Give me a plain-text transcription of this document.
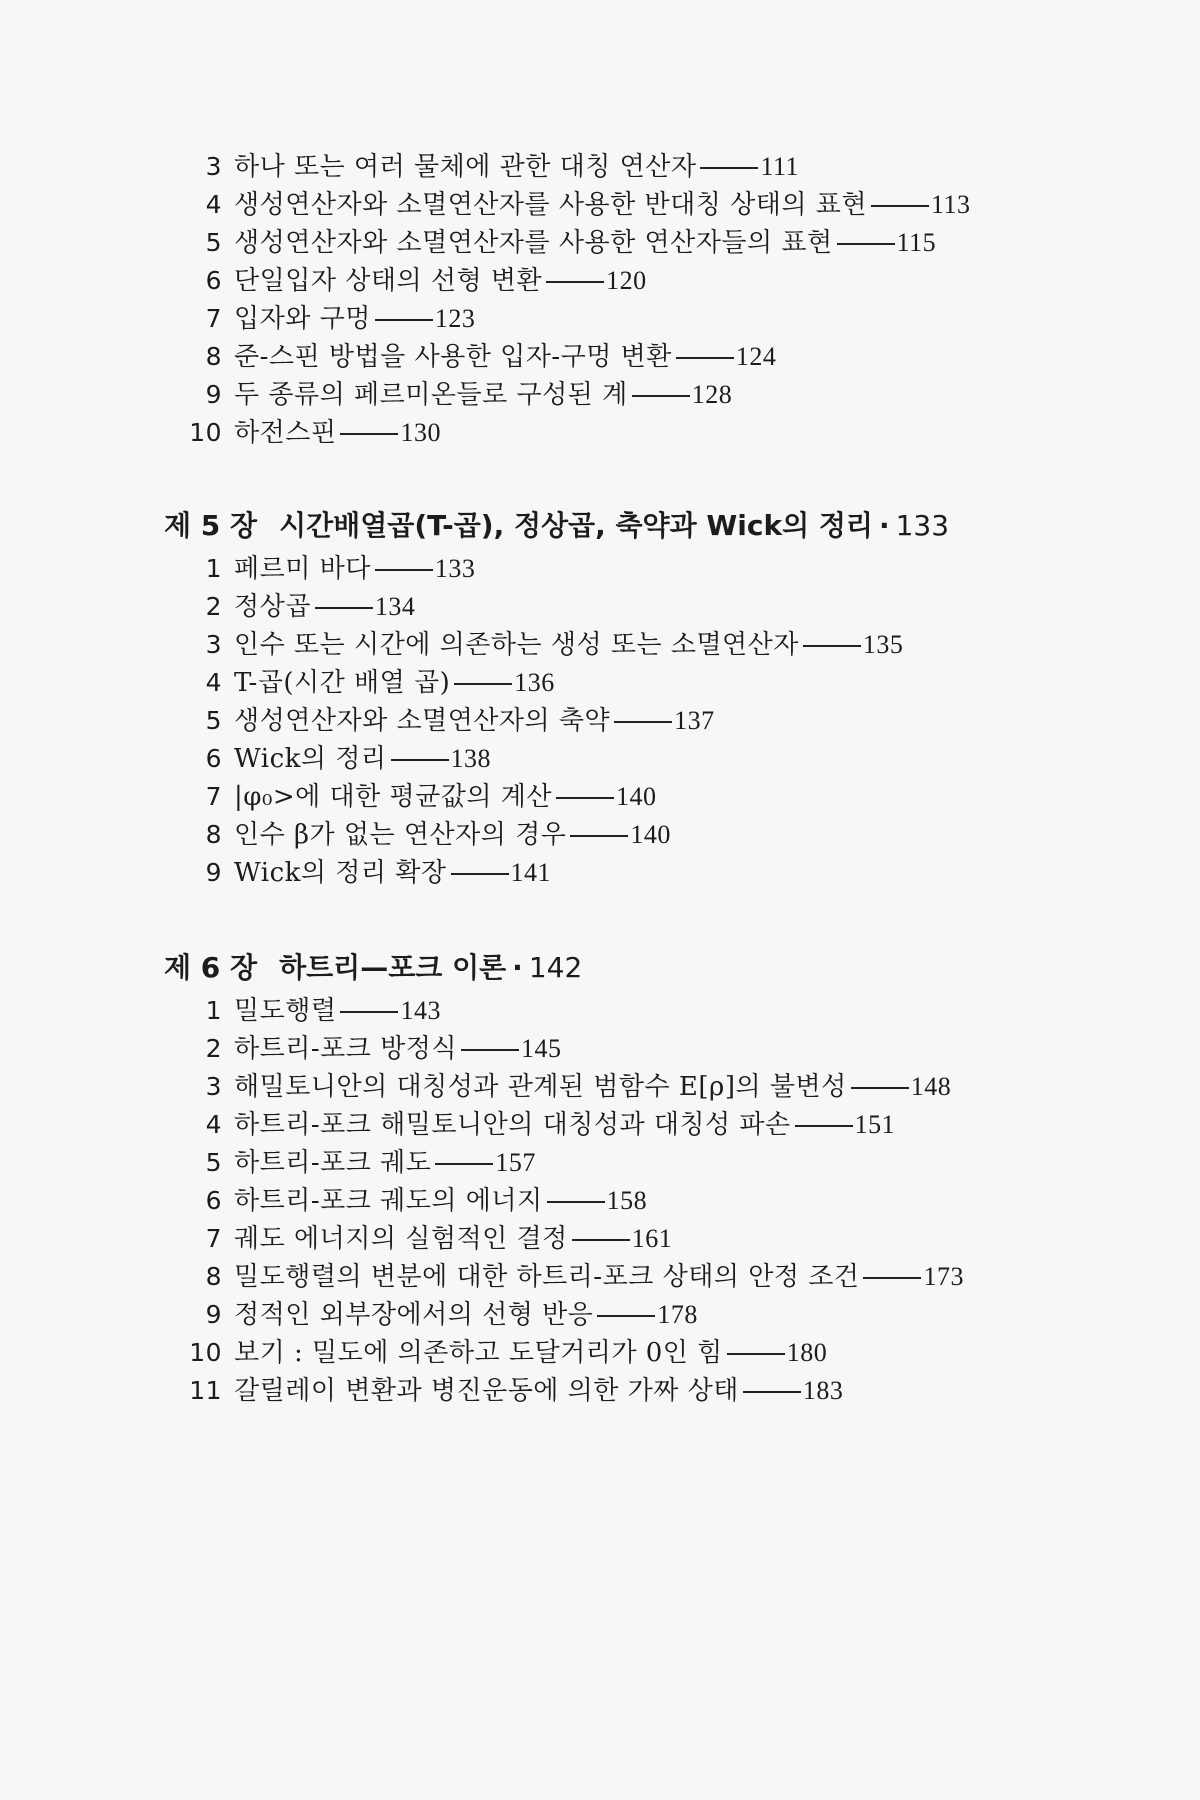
3 하나 또는 여러 물체에 관한 대칭 연산자 111
4 생성연산자와 소멸연산자를 사용한 반대칭 상태의 표현 113
5 생성연산자와 소멸연산자를 사용한 연산자들의 표현 115
6 단일입자 상태의 선형 변환 120
7 입자와 구멍 123
8 준-스핀 방법을 사용한 입자-구멍 변환 124
9 두 종류의 페르미온들로 구성된 계 128
10 하전스핀 130
제 5 장 시간배열곱(T-곱), 정상곱, 축약과 Wick의 정리 · 133
1 페르미 바다 133
2 정상곱 134
3 인수 또는 시간에 의존하는 생성 또는 소멸연산자 135
4 T-곱(시간 배열 곱) 136
5 생성연산자와 소멸연산자의 축약 137
6 Wick의 정리 138
7 |φ₀>에 대한 평균값의 계산 140
8 인수 β가 없는 연산자의 경우 140
9 Wick의 정리 확장 141
제 6 장 하트리—포크 이론 · 142
1 밀도행렬 143
2 하트리-포크 방정식 145
3 해밀토니안의 대칭성과 관계된 범함수 E[ρ]의 불변성 148
4 하트리-포크 해밀토니안의 대칭성과 대칭성 파손 151
5 하트리-포크 궤도 157
6 하트리-포크 궤도의 에너지 158
7 궤도 에너지의 실험적인 결정 161
8 밀도행렬의 변분에 대한 하트리-포크 상태의 안정 조건 173
9 정적인 외부장에서의 선형 반응 178
10 보기 : 밀도에 의존하고 도달거리가 0인 힘 180
11 갈릴레이 변환과 병진운동에 의한 가짜 상태 183
